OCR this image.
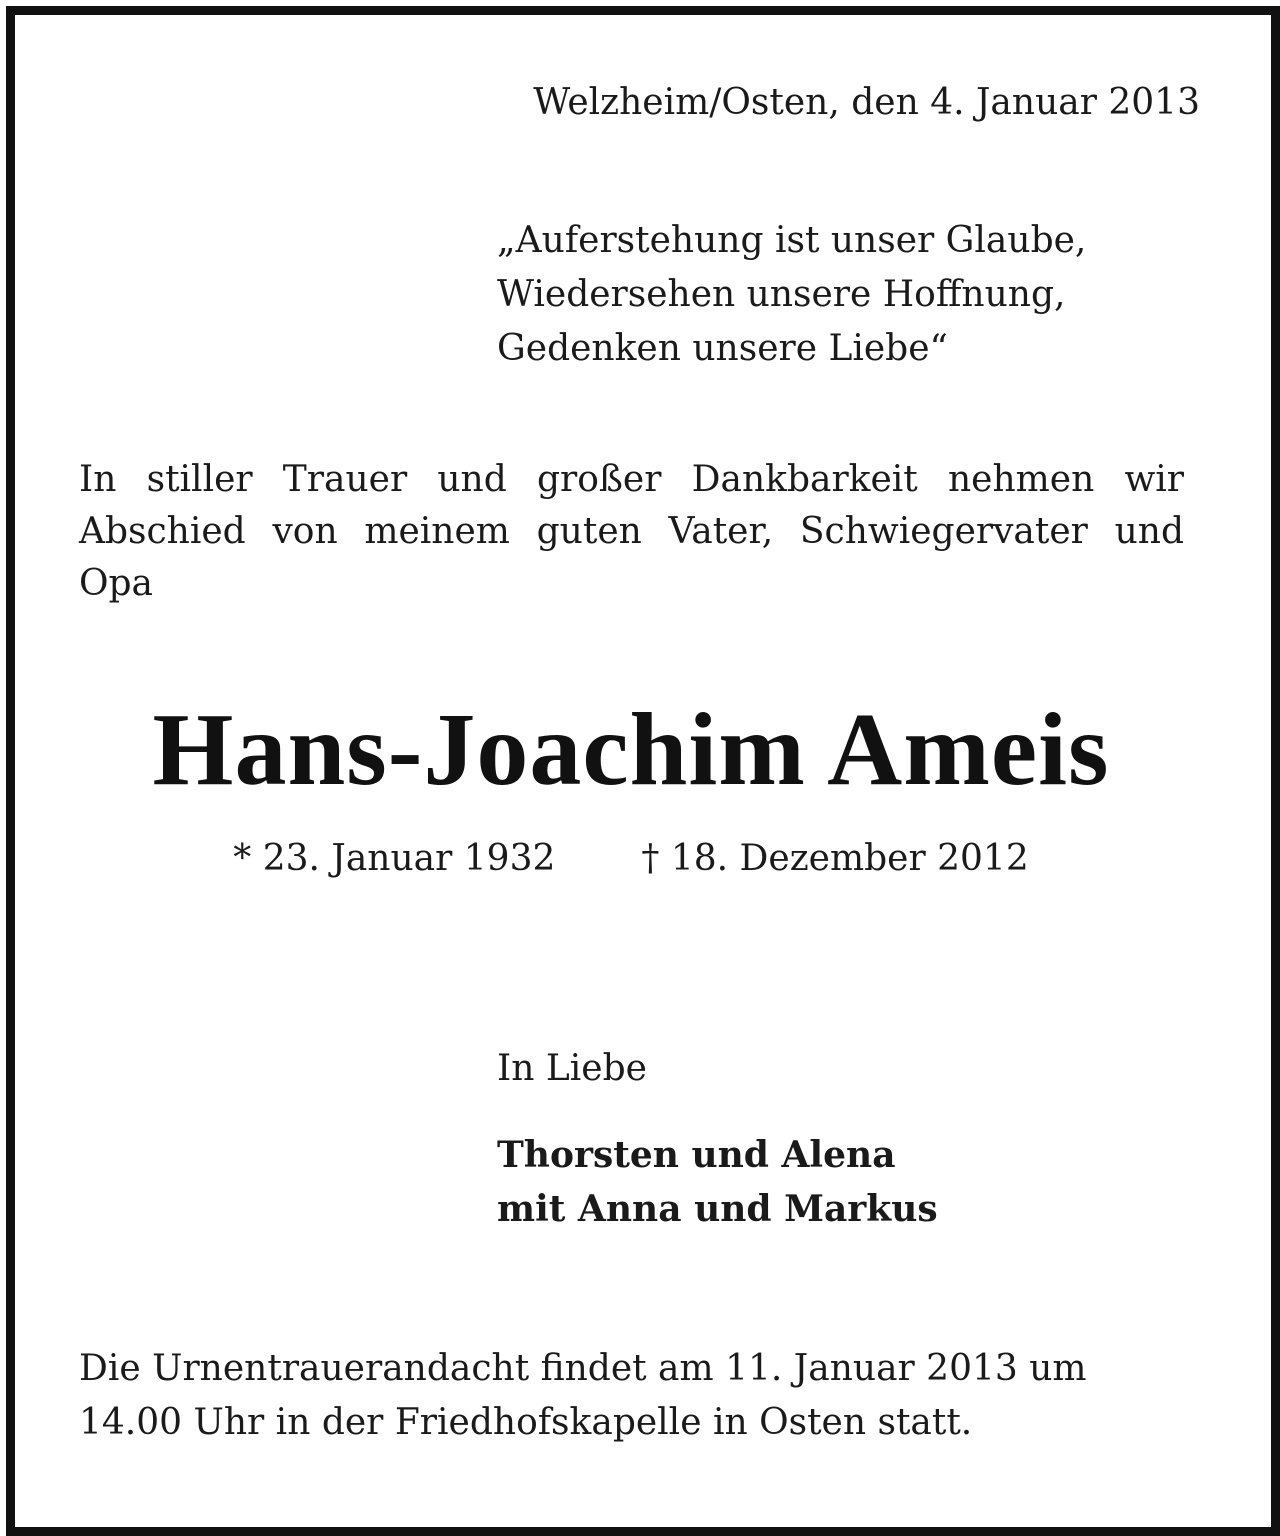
Welzheim/Osten, den 4. Januar 2013
„Auferstehung ist unser Glaube,
Wiedersehen unsere Hoffnung,
Gedenken unsere Liebe“
In stiller Trauer und großer Dankbarkeit nehmen wir
Abschied von meinem guten Vater, Schwiegervater und
Opa
Hans-Joachim Ameis
* 23. Januar 1932 † 18. Dezember 2012
In Liebe
Thorsten und Alena
mit Anna und Markus
Die Urnentrauerandacht findet am 11. Januar 2013 um
14.00 Uhr in der Friedhofskapelle in Osten statt.
